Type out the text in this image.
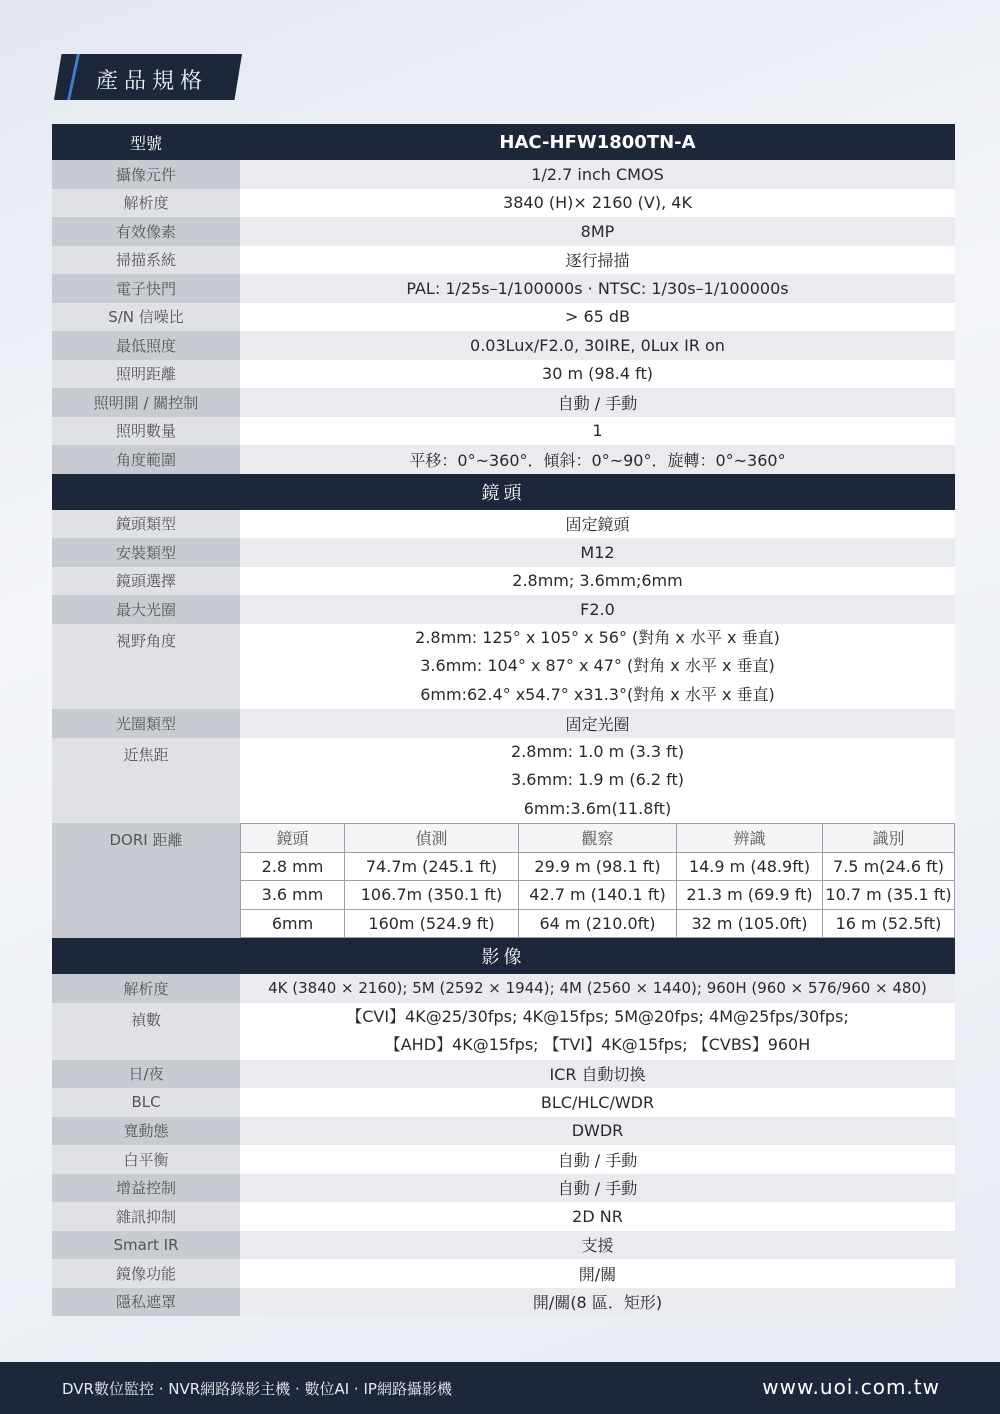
產品規格
型號	HAC-HFW1800TN-A
攝像元件	1/2.7 inch CMOS
解析度	3840 (H)× 2160 (V), 4K
有效像素	8MP
掃描系統	逐行掃描
電子快門	PAL: 1/25s–1/100000s · NTSC: 1/30s–1/100000s
S/N 信噪比	> 65 dB
最低照度	0.03Lux/F2.0, 30IRE, 0Lux IR on
照明距離	30 m (98.4 ft)
照明開 / 關控制	自動 / 手動
照明數量	1
角度範圍	平移：0°~360°．傾斜：0°~90°．旋轉：0°~360°
鏡頭
鏡頭類型	固定鏡頭
安裝類型	M12
鏡頭選擇	2.8mm; 3.6mm;6mm
最大光圈	F2.0
視野角度	2.8mm: 125° x 105° x 56° (對角 x 水平 x 垂直)
3.6mm: 104° x 87° x 47° (對角 x 水平 x 垂直)
6mm:62.4° x54.7° x31.3°(對角 x 水平 x 垂直)

光圈類型	固定光圈
近焦距	2.8mm: 1.0 m (3.3 ft)
3.6mm: 1.9 m (6.2 ft)
6mm:3.6m(11.8ft)

DORI 距離		鏡頭	偵測	觀察	辨識	識別
2.8 mm	74.7m (245.1 ft)	29.9 m (98.1 ft)	14.9 m (48.9ft)	7.5 m(24.6 ft)
3.6 mm	106.7m (350.1 ft)	42.7 m (140.1 ft)	21.3 m (69.9 ft)	10.7 m (35.1 ft)
6mm	160m (524.9 ft)	64 m (210.0ft)	32 m (105.0ft)	16 m (52.5ft)

影像
解析度	4K (3840 × 2160); 5M (2592 × 1944); 4M (2560 × 1440); 960H (960 × 576/960 × 480)
禎數	【CVI】4K@25/30fps; 4K@15fps; 5M@20fps; 4M@25fps/30fps;
【AHD】4K@15fps; 【TVI】4K@15fps; 【CVBS】960H

日/夜	ICR 自動切換
BLC	BLC/HLC/WDR
寬動態	DWDR
白平衡	自動 / 手動
增益控制	自動 / 手動
雜訊抑制	2D NR
Smart IR	支援
鏡像功能	開/關
隱私遮罩	開/關(8 區．矩形)
DVR數位監控 · NVR網路錄影主機 · 數位AI · IP網路攝影機	www.uoi.com.tw
